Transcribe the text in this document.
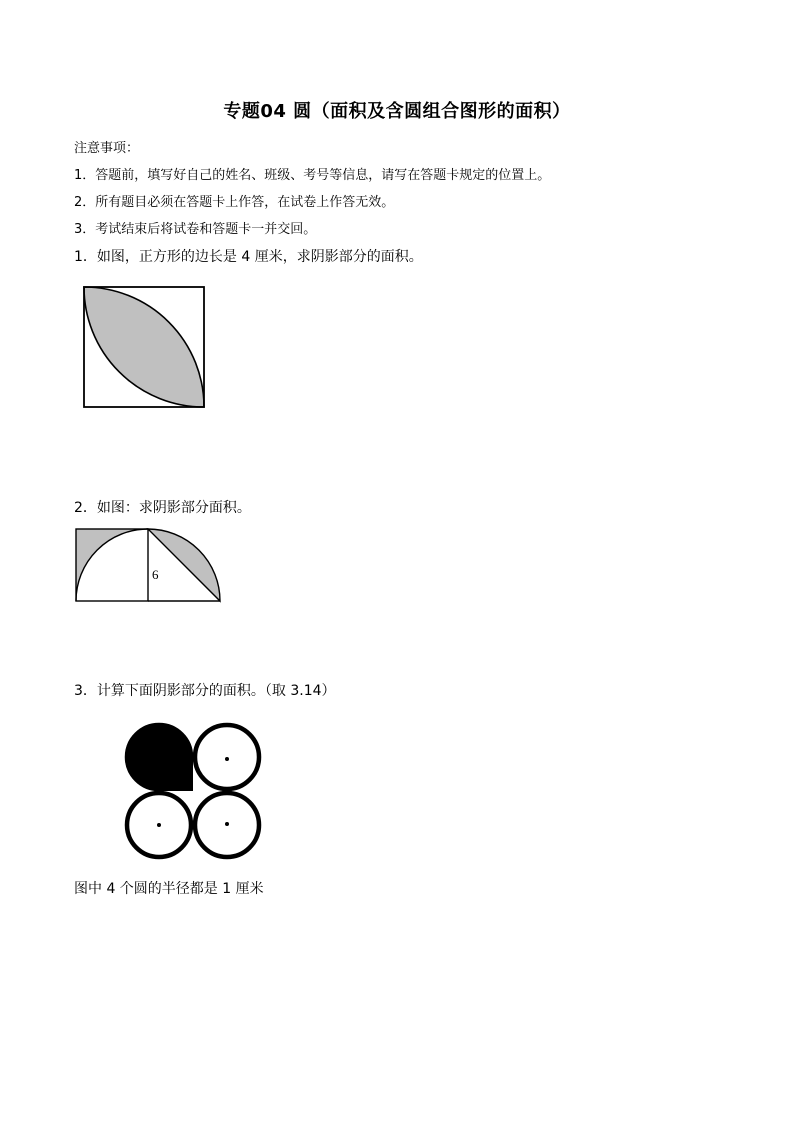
专题04 圆（面积及含圆组合图形的面积）
注意事项：
1．答题前，填写好自己的姓名、班级、考号等信息，请写在答题卡规定的位置上。
2．所有题目必须在答题卡上作答，在试卷上作答无效。
3．考试结束后将试卷和答题卡一并交回。
1．如图，正方形的边长是 4 厘米，求阴影部分的面积。
2．如图：求阴影部分面积。
6
3．计算下面阴影部分的面积。（取 3.14）
图中 4 个圆的半径都是 1 厘米
